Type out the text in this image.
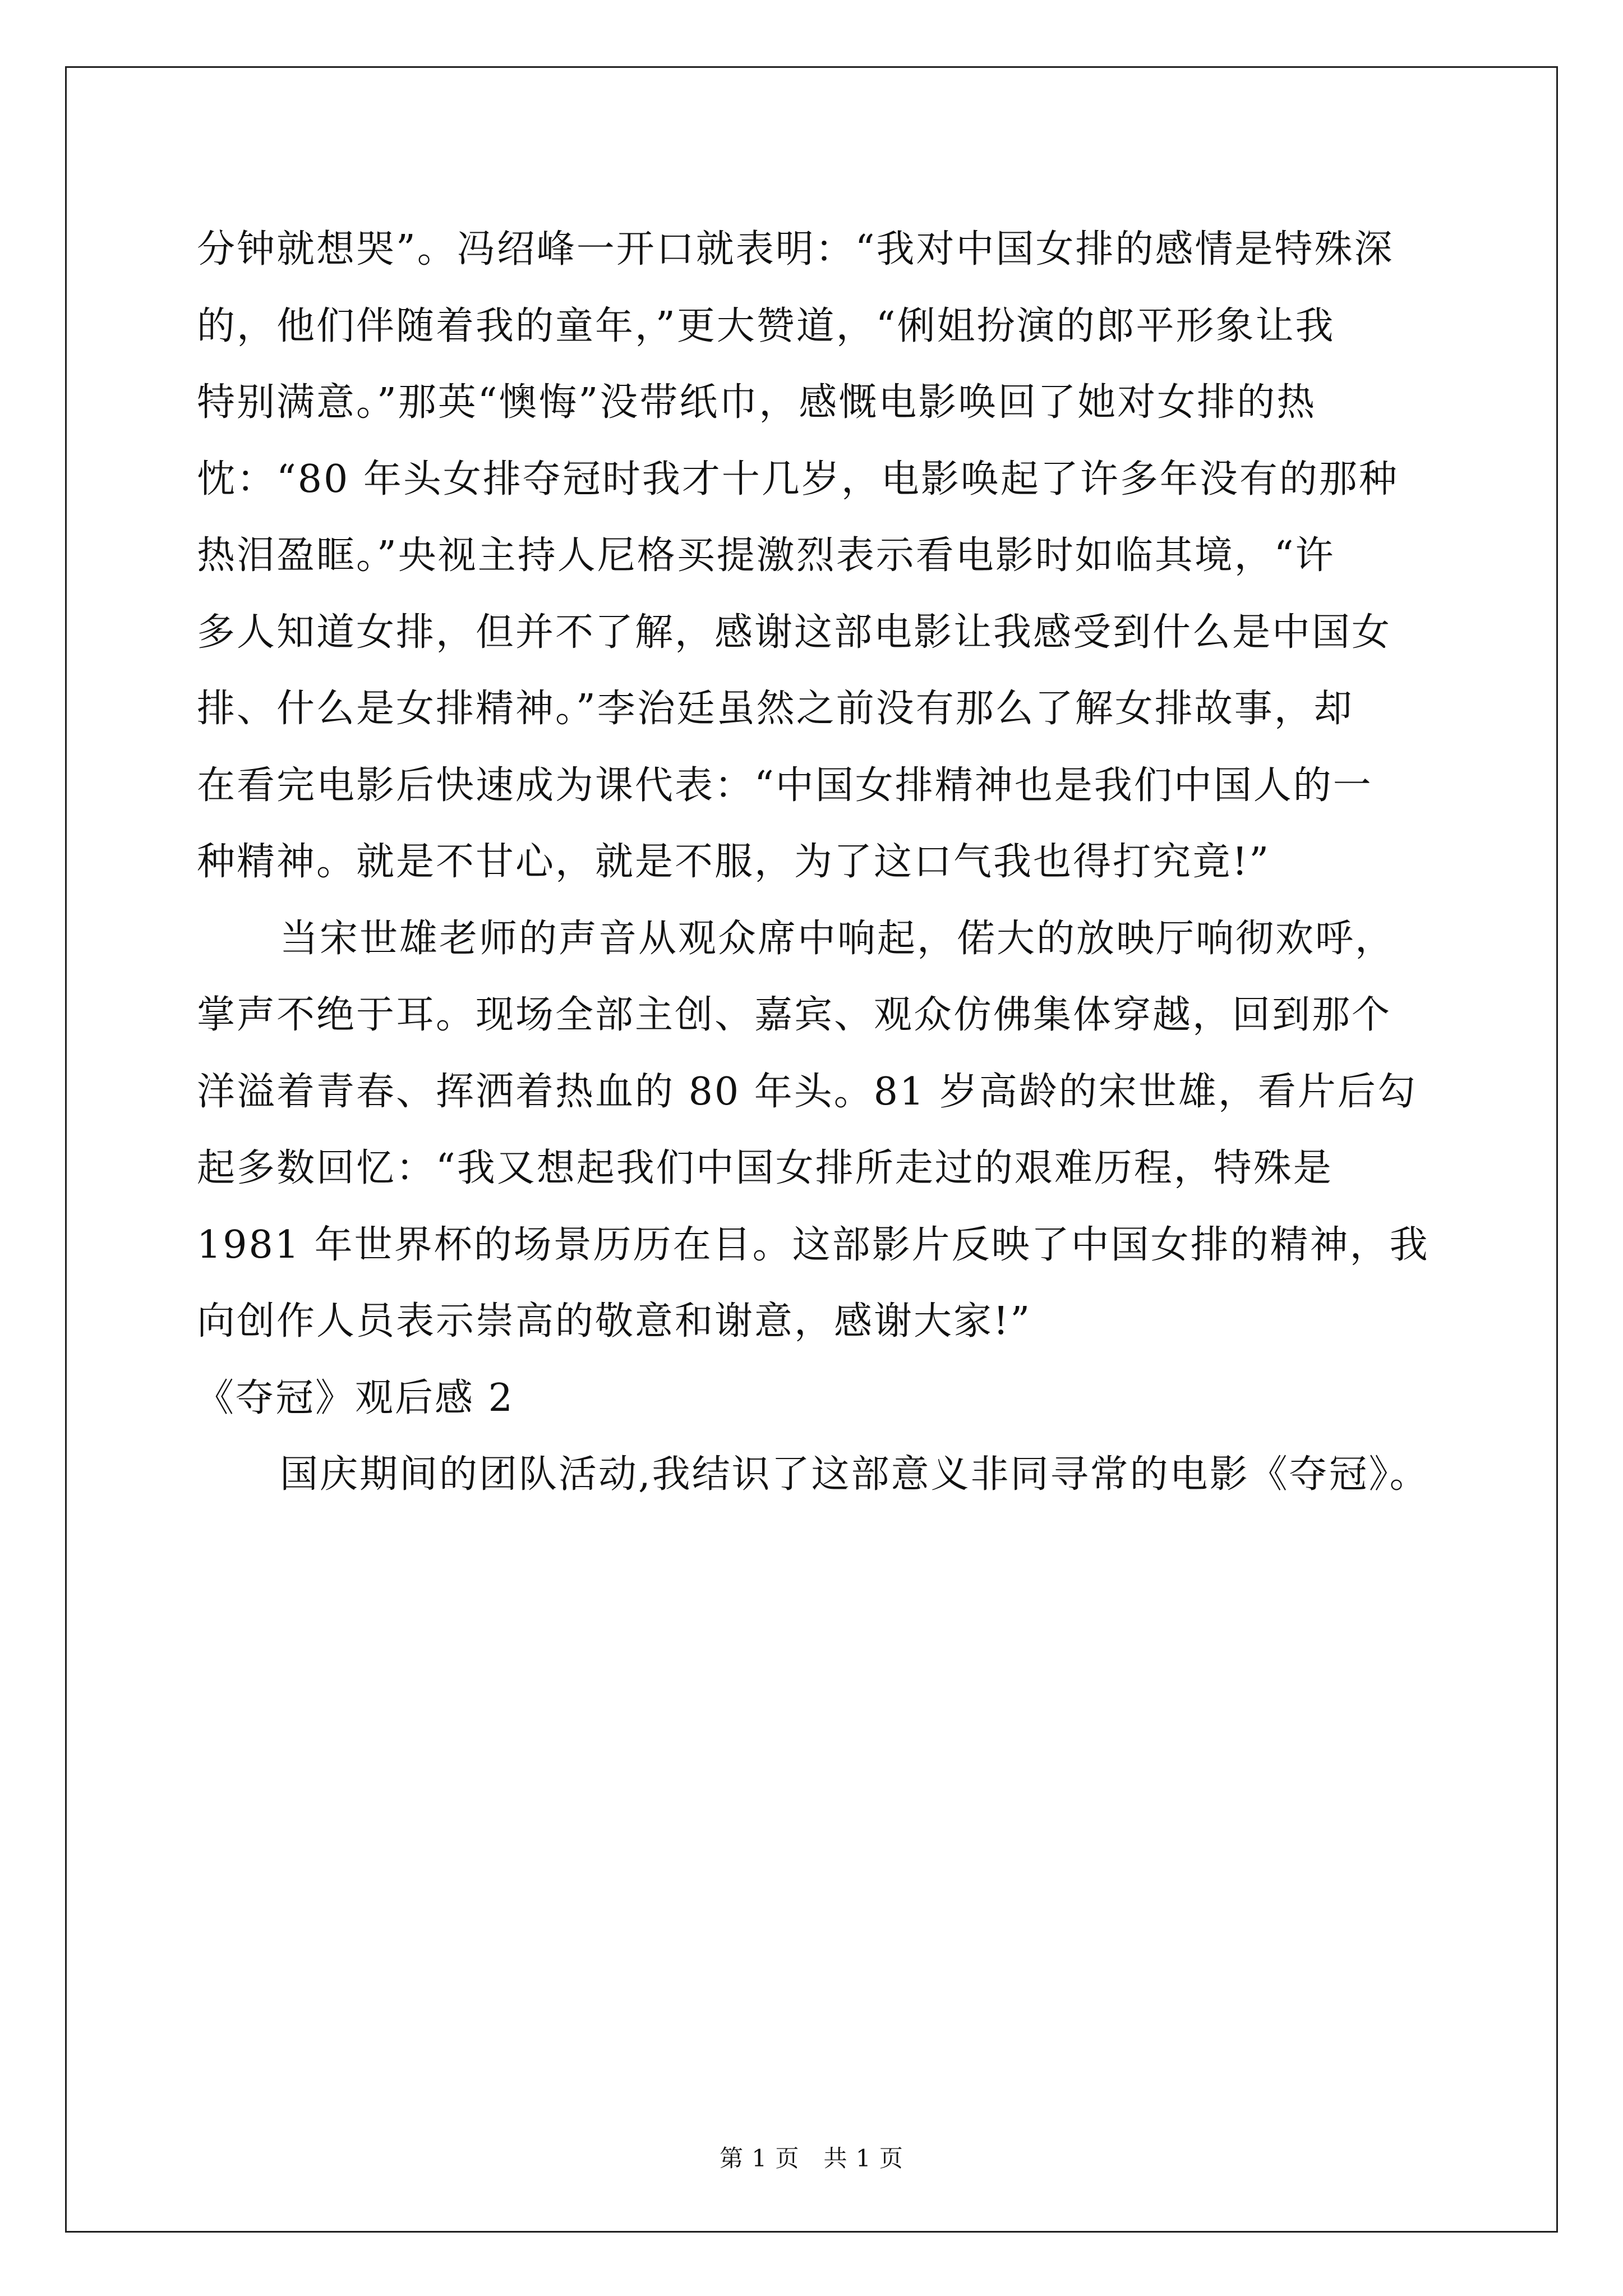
分钟就想哭”。冯绍峰一开口就表明：“我对中国女排的感情是特殊深
的，他们伴随着我的童年，”更大赞道，“俐姐扮演的郎平形象让我
特别满意。”那英“懊悔”没带纸巾，感慨电影唤回了她对女排的热
忱：“80 年头女排夺冠时我才十几岁，电影唤起了许多年没有的那种
热泪盈眶。”央视主持人尼格买提激烈表示看电影时如临其境，“许
多人知道女排，但并不了解，感谢这部电影让我感受到什么是中国女
排、什么是女排精神。”李治廷虽然之前没有那么了解女排故事，却
在看完电影后快速成为课代表：“中国女排精神也是我们中国人的一
种精神。就是不甘心，就是不服，为了这口气我也得打究竟!”
当宋世雄老师的声音从观众席中响起，偌大的放映厅响彻欢呼，
掌声不绝于耳。现场全部主创、嘉宾、观众仿佛集体穿越，回到那个
洋溢着青春、挥洒着热血的 80 年头。81 岁高龄的宋世雄，看片后勾
起多数回忆：“我又想起我们中国女排所走过的艰难历程，特殊是
1981 年世界杯的场景历历在目。这部影片反映了中国女排的精神，我
向创作人员表示崇高的敬意和谢意，感谢大家!”
《夺冠》观后感 2
国庆期间的团队活动,我结识了这部意义非同寻常的电影《夺冠》。
第 1 页　共 1 页
